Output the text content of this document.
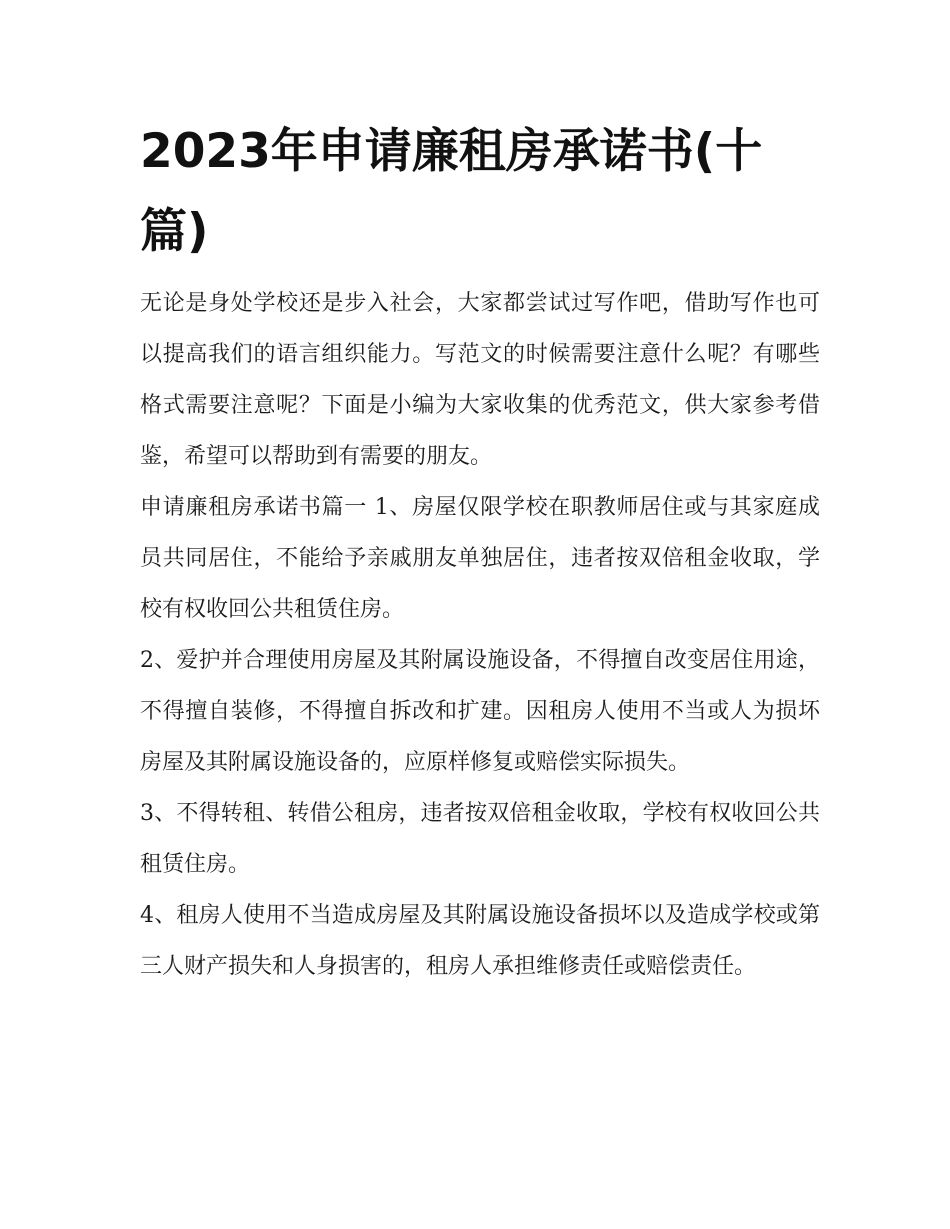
2023年申请廉租房承诺书(十篇)

无论是身处学校还是步入社会，大家都尝试过写作吧，借助写作也可以提高我们的语言组织能力。写范文的时候需要注意什么呢？有哪些格式需要注意呢？下面是小编为大家收集的优秀范文，供大家参考借鉴，希望可以帮助到有需要的朋友。

申请廉租房承诺书篇一 1、房屋仅限学校在职教师居住或与其家庭成员共同居住，不能给予亲戚朋友单独居住，违者按双倍租金收取，学校有权收回公共租赁住房。

2、爱护并合理使用房屋及其附属设施设备，不得擅自改变居住用途，不得擅自装修，不得擅自拆改和扩建。因租房人使用不当或人为损坏房屋及其附属设施设备的，应原样修复或赔偿实际损失。

3、不得转租、转借公租房，违者按双倍租金收取，学校有权收回公共租赁住房。

4、租房人使用不当造成房屋及其附属设施设备损坏以及造成学校或第三人财产损失和人身损害的，租房人承担维修责任或赔偿责任。
